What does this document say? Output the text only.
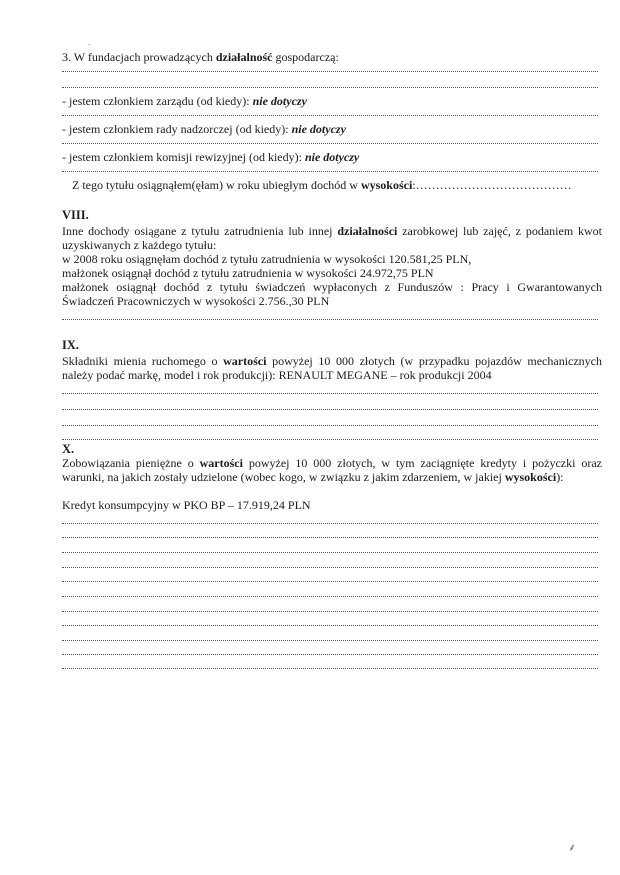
-
3. W fundacjach prowadzących działalność gospodarczą:
- jestem członkiem zarządu (od kiedy): nie dotyczy
- jestem członkiem rady nadzorczej (od kiedy): nie dotyczy
- jestem członkiem komisji rewizyjnej (od kiedy): nie dotyczy
Z tego tytułu osiągnąłem(ęłam) w roku ubiegłym dochód w wysokości:…………………………………
VIII.
Inne dochody osiągane z tytułu zatrudnienia lub innej działalności zarobkowej lub zajęć, z podaniem kwot
uzyskiwanych z każdego tytułu:
w 2008 roku osiągnęłam dochód z tytułu zatrudnienia w wysokości 120.581,25 PLN,
małżonek osiągnął dochód z tytułu zatrudnienia w wysokości 24.972,75 PLN
małżonek osiągnął dochód z tytułu świadczeń wypłaconych z Funduszów : Pracy i Gwarantowanych
Świadczeń Pracowniczych w wysokości 2.756.,30 PLN
IX.
Składniki mienia ruchomego o wartości powyżej 10 000 złotych (w przypadku pojazdów mechanicznych
należy podać markę, model i rok produkcji): RENAULT MEGANE – rok produkcji 2004
X.
Zobowiązania pieniężne o wartości powyżej 10 000 złotych, w tym zaciągnięte kredyty i pożyczki oraz
warunki, na jakich zostały udzielone (wobec kogo, w związku z jakim zdarzeniem, w jakiej wysokości):
Kredyt konsumpcyjny w PKO BP – 17.919,24 PLN
⸙
